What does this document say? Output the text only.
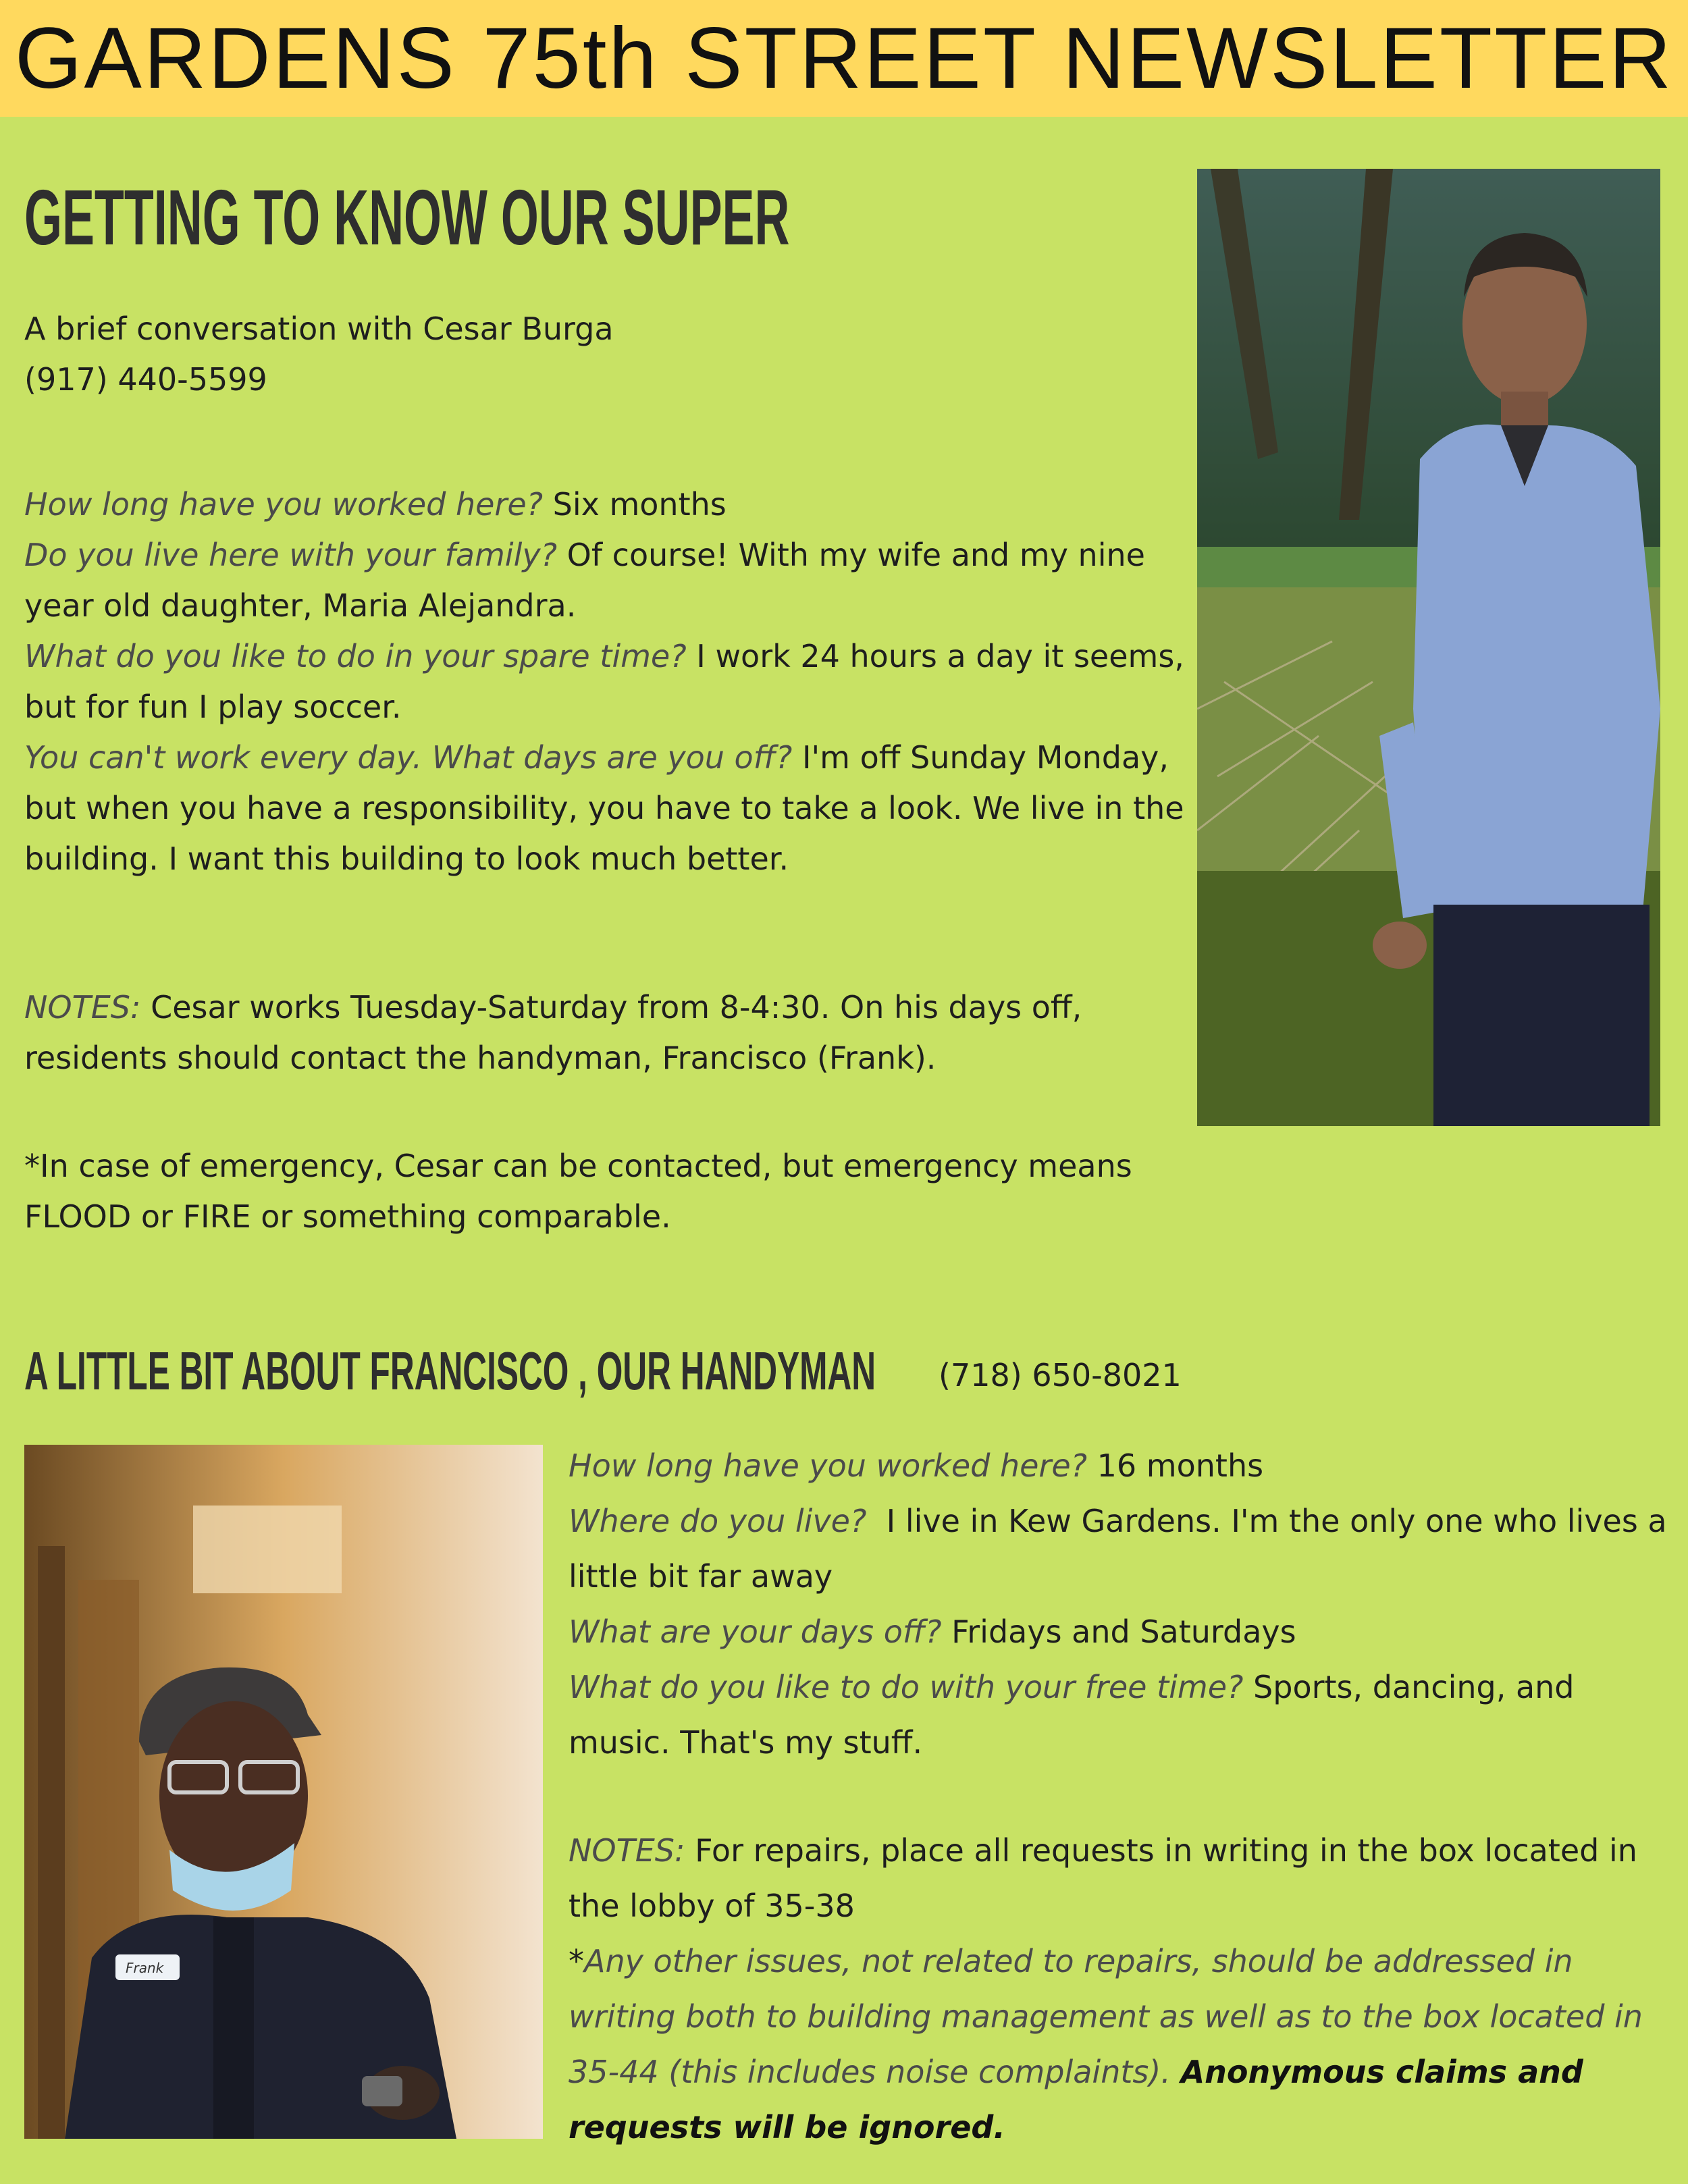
GARDENS 75th STREET NEWSLETTER
GETTING TO KNOW OUR SUPER

A brief conversation with Cesar Burga

(917) 440-5599

How long have you worked here? Six months

Do you live here with your family? Of course! With my wife and my nine year old daughter, Maria Alejandra.

What do you like to do in your spare time? I work 24 hours a day it seems, but for fun I play soccer.

You can't work every day. What days are you off? I'm off Sunday Monday, but when you have a responsibility, you have to take a look. We live in the building. I want this building to look much better.

NOTES: Cesar works Tuesday-Saturday from 8-4:30. On his days off, residents should contact the handyman, Francisco (Frank).

*In case of emergency, Cesar can be contacted, but emergency means FLOOD or FIRE or something comparable.

A LITTLE BIT ABOUT FRANCISCO , OUR HANDYMAN (718) 650-8021
Frank

How long have you worked here? 16 months

Where do you live? I live in Kew Gardens. I'm the only one who lives a little bit far away

What are your days off? Fridays and Saturdays

What do you like to do with your free time? Sports, dancing, and music. That's my stuff.

NOTES: For repairs, place all requests in writing in the box located in the lobby of 35-38

*Any other issues, not related to repairs, should be addressed in writing both to building management as well as to the box located in 35-44 (this includes noise complaints). Anonymous claims and requests will be ignored.
